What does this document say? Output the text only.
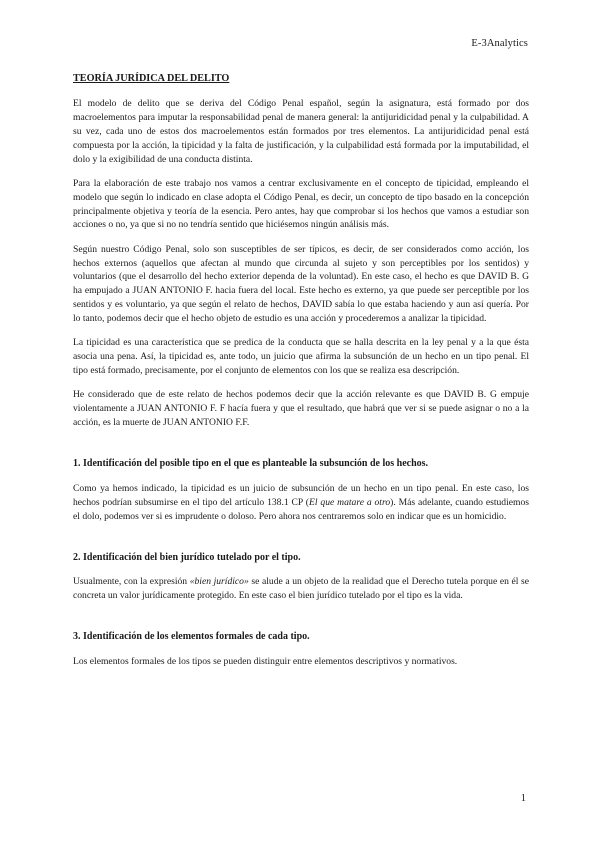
E-3Analytics
TEORÍA JURÍDICA DEL DELITO

El modelo de delito que se deriva del Código Penal español, según la asignatura, está formado por dos macroelementos para imputar la responsabilidad penal de manera general: la antijuridicidad penal y la culpabilidad. A su vez, cada uno de estos dos macroelementos están formados por tres elementos. La antijuridicidad penal está compuesta por la acción, la tipicidad y la falta de justificación, y la culpabilidad está formada por la imputabilidad, el dolo y la exigibilidad de una conducta distinta.

Para la elaboración de este trabajo nos vamos a centrar exclusivamente en el concepto de tipicidad, empleando el modelo que según lo indicado en clase adopta el Código Penal, es decir, un concepto de tipo basado en la concepción principalmente objetiva y teoría de la esencia. Pero antes, hay que comprobar si los hechos que vamos a estudiar son acciones o no, ya que si no no tendría sentido que hiciésemos ningún análisis más.

Según nuestro Código Penal, solo son susceptibles de ser típicos, es decir, de ser considerados como acción, los hechos externos (aquellos que afectan al mundo que circunda al sujeto y son perceptibles por los sentidos) y voluntarios (que el desarrollo del hecho exterior dependa de la voluntad). En este caso, el hecho es que DAVID B. G ha empujado a JUAN ANTONIO F. hacia fuera del local. Este hecho es externo, ya que puede ser perceptible por los sentidos y es voluntario, ya que según el relato de hechos, DAVID sabía lo que estaba haciendo y aun así quería. Por lo tanto, podemos decir que el hecho objeto de estudio es una acción y procederemos a analizar la tipicidad.

La tipicidad es una característica que se predica de la conducta que se halla descrita en la ley penal y a la que ésta asocia una pena. Así, la tipicidad es, ante todo, un juicio que afirma la subsunción de un hecho en un tipo penal. El tipo está formado, precisamente, por el conjunto de elementos con los que se realiza esa descripción.

He considerado que de este relato de hechos podemos decir que la acción relevante es que DAVID B. G empuje violentamente a JUAN ANTONIO F. F hacía fuera y que el resultado, que habrá que ver si se puede asignar o no a la acción, es la muerte de JUAN ANTONIO F.F.

1. Identificación del posible tipo en el que es planteable la subsunción de los hechos.

Como ya hemos indicado, la tipicidad es un juicio de subsunción de un hecho en un tipo penal. En este caso, los hechos podrían subsumirse en el tipo del artículo 138.1 CP (El que matare a otro). Más adelante, cuando estudiemos el dolo, podemos ver si es imprudente o doloso. Pero ahora nos centraremos solo en indicar que es un homicidio.

2. Identificación del bien jurídico tutelado por el tipo.

Usualmente, con la expresión «bien jurídico» se alude a un objeto de la realidad que el Derecho tutela porque en él se concreta un valor jurídicamente protegido. En este caso el bien jurídico tutelado por el tipo es la vida.

3. Identificación de los elementos formales de cada tipo.

Los elementos formales de los tipos se pueden distinguir entre elementos descriptivos y normativos.

1
